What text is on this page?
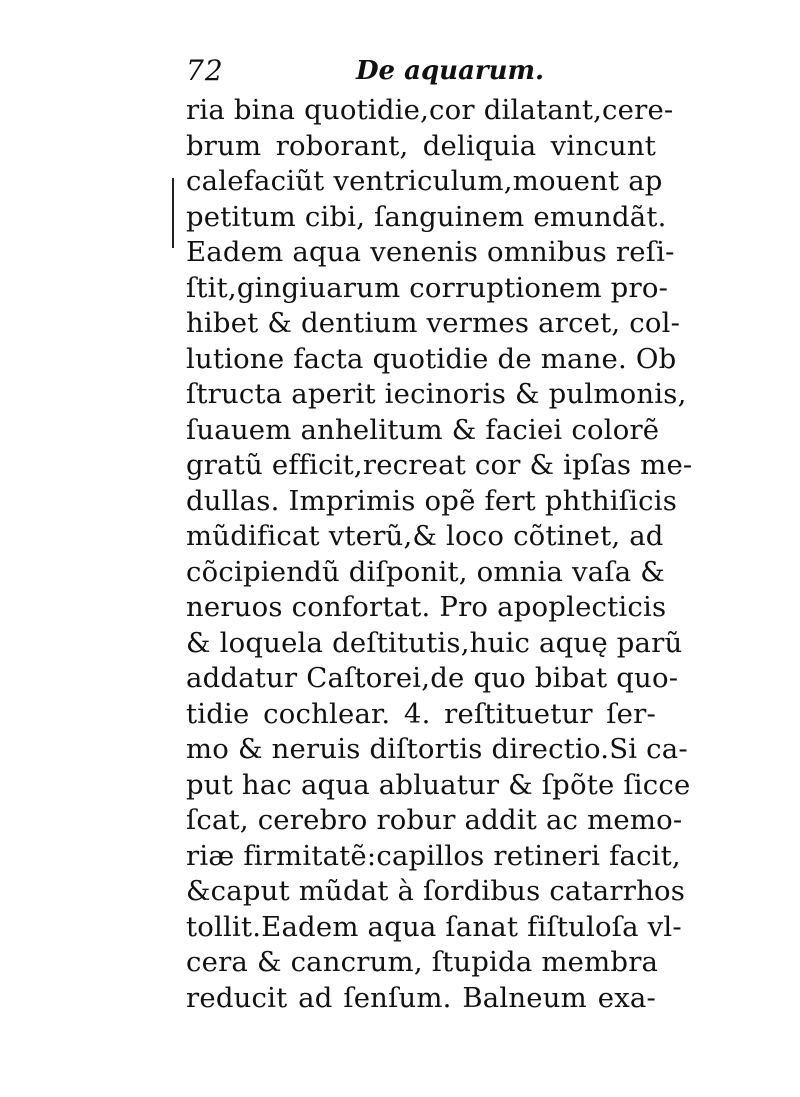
72	De aquarum.
ria bina quotidie,cor dilatant,cere-
brum roborant, deliquia vincunt
calefaciũt ventriculum,mouent ap
petitum cibi, ſanguinem emundãt.
Eadem aqua venenis omnibus reſi-
ſtit,gingiuarum corruptionem pro-
hibet & dentium vermes arcet, col-
lutione facta quotidie de mane. Ob
ſtructa aperit iecinoris & pulmonis,
ſuauem anhelitum & faciei colorẽ
gratũ efficit,recreat cor & ipſas me-
dullas. Imprimis opẽ fert phthiſicis
mũdificat vterũ,& loco cõtinet, ad
cõcipiendũ diſponit, omnia vaſa &
neruos confortat. Pro apoplecticis
& loquela deſtitutis,huic aquę parũ
addatur Caſtorei,de quo bibat quo-
tidie cochlear. 4. reſtituetur ſer-
mo & neruis diſtortis directio.Si ca-
put hac aqua abluatur & ſpõte ſicce
ſcat, cerebro robur addit ac memo-
riæ firmitatẽ:capillos retineri facit,
&caput mũdat à ſordibus catarrhos
tollit.Eadem aqua ſanat fiſtuloſa vl-
cera & cancrum, ſtupida membra
reducit ad ſenſum. Balneum exa-
